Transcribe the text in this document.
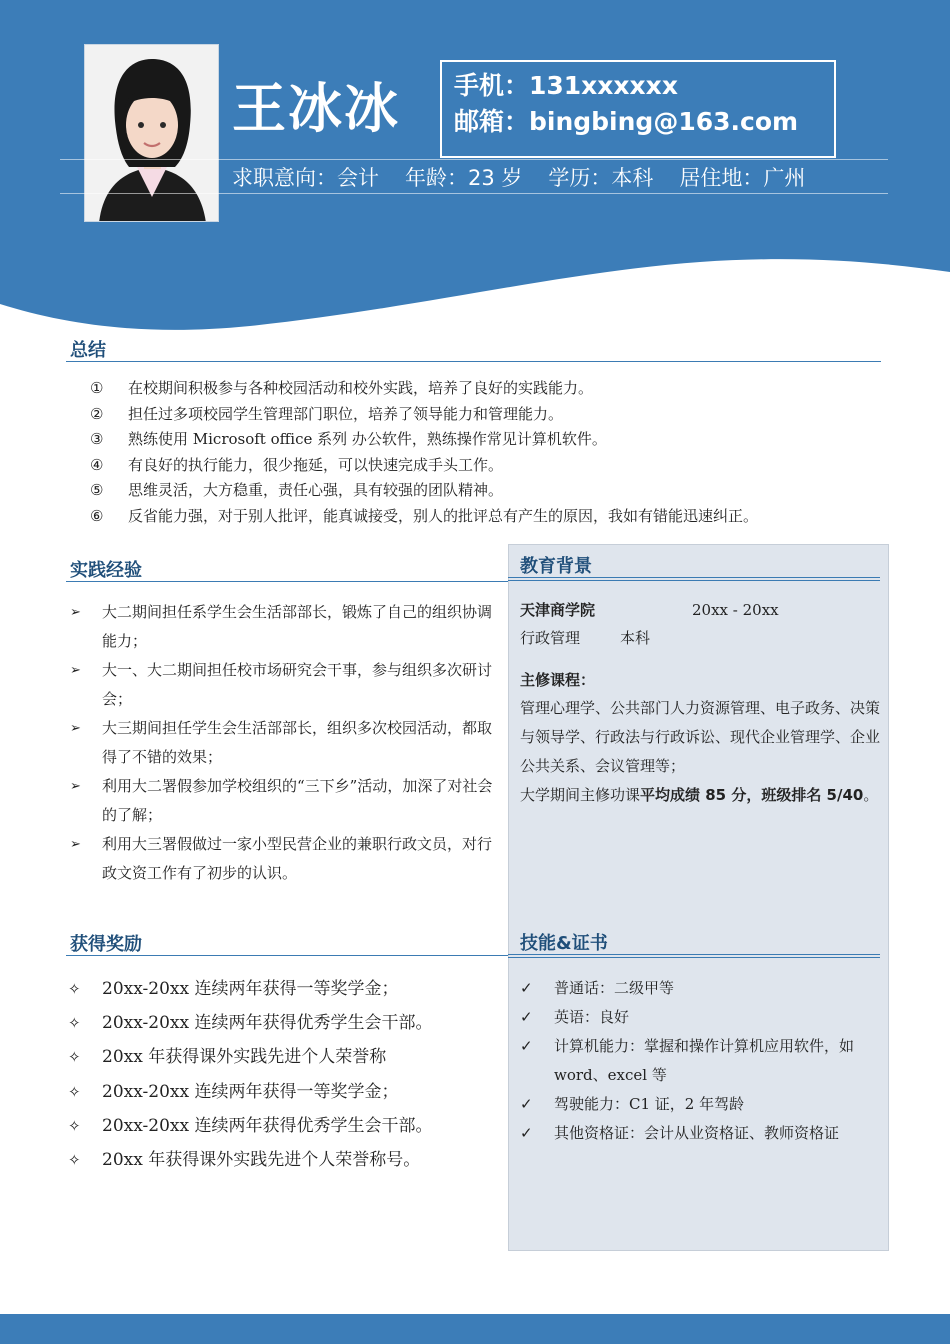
王冰冰 手机：131xxxxxx
邮箱：bingbing@163.com
求职意向：会计 年龄：23 岁 学历：本科 居住地：广州
总结
①	在校期间积极参与各种校园活动和校外实践，培养了良好的实践能力。
②	担任过多项校园学生管理部门职位，培养了领导能力和管理能力。
③	熟练使用 Microsoft office 系列 办公软件，熟练操作常见计算机软件。
④	有良好的执行能力，很少拖延，可以快速完成手头工作。
⑤	思维灵活，大方稳重，责任心强，具有较强的团队精神。
⑥	反省能力强，对于别人批评，能真诚接受，别人的批评总有产生的原因，我如有错能迅速纠正。
实践经验
➢	大二期间担任系学生会生活部部长，锻炼了自己的组织协调能力；
➢	大一、大二期间担任校市场研究会干事，参与组织多次研讨会；
➢	大三期间担任学生会生活部部长，组织多次校园活动，都取得了不错的效果；
➢	利用大二署假参加学校组织的“三下乡”活动，加深了对社会的了解；
➢	利用大三署假做过一家小型民营企业的兼职行政文员，对行政文资工作有了初步的认识。
教育背景
天津商学院	20xx - 20xx
行政管理	本科
主修课程：
管理心理学、公共部门人力资源管理、电子政务、决策与领导学、行政法与行政诉讼、现代企业管理学、企业公共关系、会议管理等；
大学期间主修功课平均成绩 85 分，班级排名 5/40。
获得奖励
✧	20xx-20xx 连续两年获得一等奖学金；
✧	20xx-20xx 连续两年获得优秀学生会干部。
✧	20xx 年获得课外实践先进个人荣誉称
✧	20xx-20xx 连续两年获得一等奖学金；
✧	20xx-20xx 连续两年获得优秀学生会干部。
✧	20xx 年获得课外实践先进个人荣誉称号。
技能&证书
✓	普通话：二级甲等
✓	英语：良好
✓	计算机能力：掌握和操作计算机应用软件，如 word、excel 等
✓	驾驶能力：C1 证，2 年驾龄
✓	其他资格证：会计从业资格证、教师资格证
